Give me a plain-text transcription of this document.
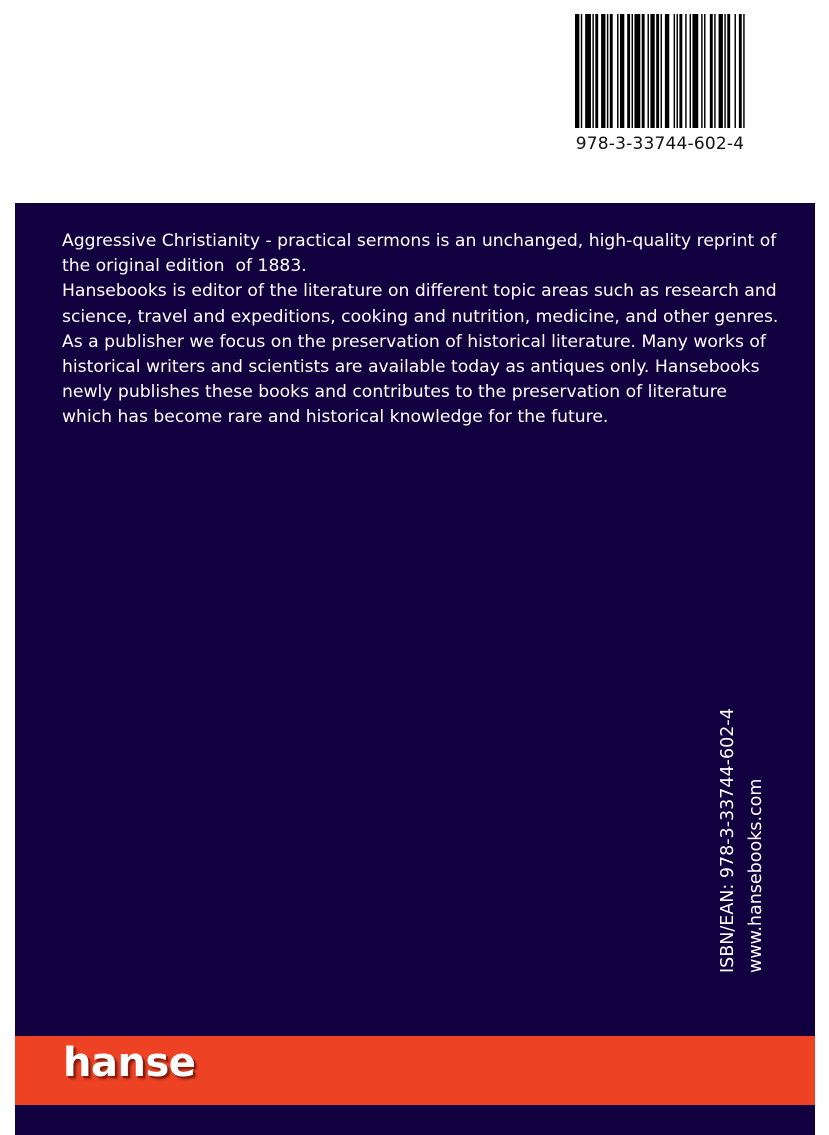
978-3-33744-602-4

Aggressive Christianity - practical sermons is an unchanged, high-quality reprint of the original edition  of 1883.

Hansebooks is editor of the literature on different topic areas such as research and science, travel and expeditions, cooking and nutrition, medicine, and other genres. As a publisher we focus on the preservation of historical literature. Many works of historical writers and scientists are available today as antiques only. Hansebooks newly publishes these books and contributes to the preservation of literature which has become rare and historical knowledge for the future.

ISBN/EAN: 978-3-33744-602-4 www.hansebooks.com
hanse
